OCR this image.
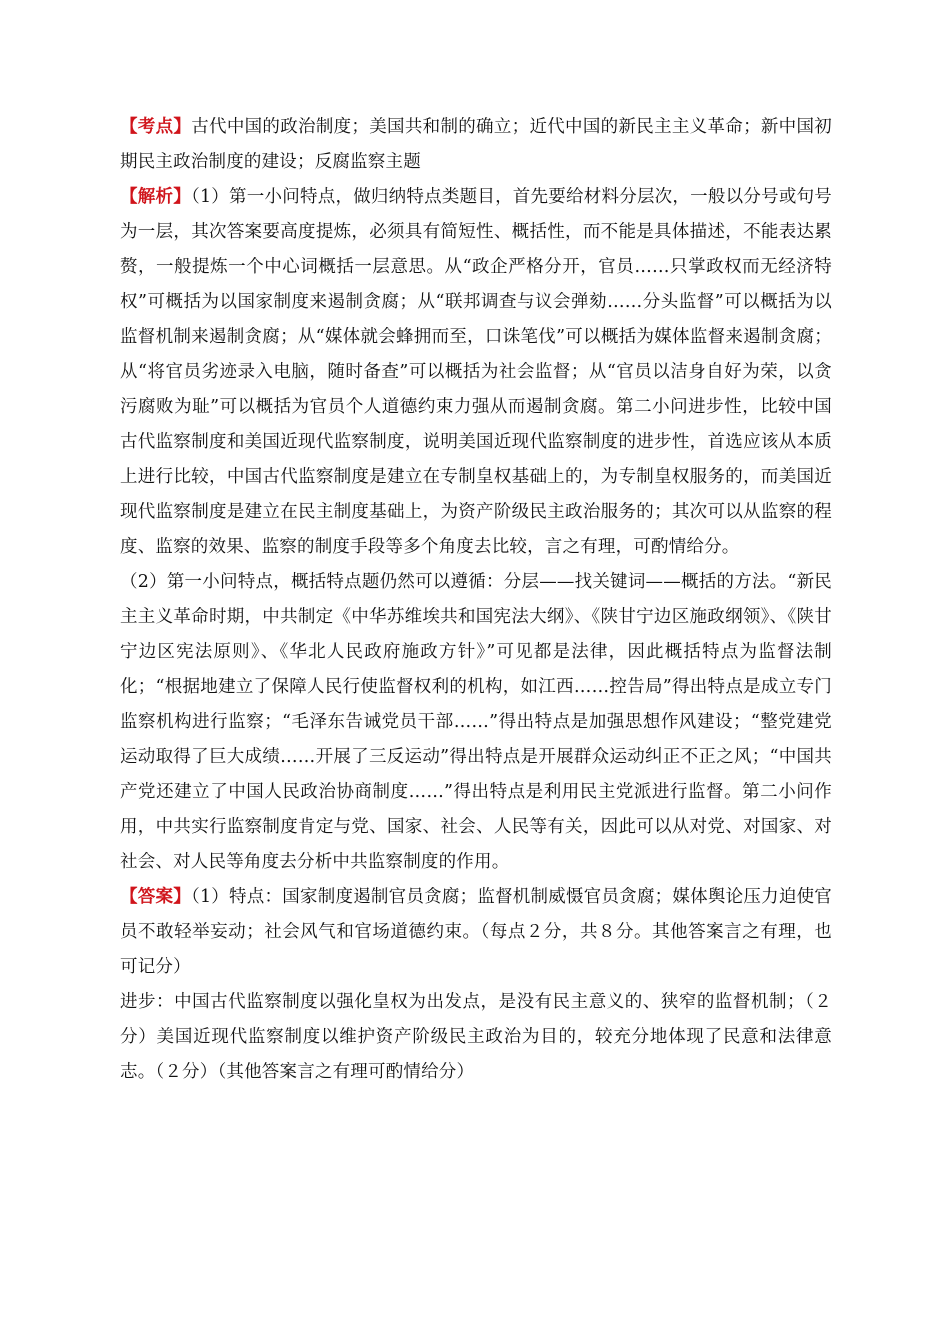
【考点】古代中国的政治制度；美国共和制的确立；近代中国的新民主主义革命；新中国初期民主政治制度的建设；反腐监察主题

【解析】（1）第一小问特点，做归纳特点类题目，首先要给材料分层次，一般以分号或句号为一层，其次答案要高度提炼，必须具有简短性、概括性，而不能是具体描述，不能表达累赘，一般提炼一个中心词概括一层意思。从“政企严格分开，官员……只掌政权而无经济特权”可概括为以国家制度来遏制贪腐；从“联邦调查与议会弹劾……分头监督”可以概括为以监督机制来遏制贪腐；从“媒体就会蜂拥而至，口诛笔伐”可以概括为媒体监督来遏制贪腐；从“将官员劣迹录入电脑，随时备查”可以概括为社会监督；从“官员以洁身自好为荣，以贪污腐败为耻”可以概括为官员个人道德约束力强从而遏制贪腐。第二小问进步性，比较中国古代监察制度和美国近现代监察制度，说明美国近现代监察制度的进步性，首选应该从本质上进行比较，中国古代监察制度是建立在专制皇权基础上的，为专制皇权服务的，而美国近现代监察制度是建立在民主制度基础上，为资产阶级民主政治服务的；其次可以从监察的程度、监察的效果、监察的制度手段等多个角度去比较，言之有理，可酌情给分。

（2）第一小问特点，概括特点题仍然可以遵循：分层——找关键词——概括的方法。“新民主主义革命时期，中共制定《中华苏维埃共和国宪法大纲》、《陕甘宁边区施政纲领》、《陕甘宁边区宪法原则》、《华北人民政府施政方针》”可见都是法律，因此概括特点为监督法制化；“根据地建立了保障人民行使监督权利的机构，如江西……控告局”得出特点是成立专门监察机构进行监察；“毛泽东告诫党员干部……”得出特点是加强思想作风建设；“整党建党运动取得了巨大成绩……开展了三反运动”得出特点是开展群众运动纠正不正之风；“中国共产党还建立了中国人民政治协商制度……”得出特点是利用民主党派进行监督。第二小问作用，中共实行监察制度肯定与党、国家、社会、人民等有关，因此可以从对党、对国家、对社会、对人民等角度去分析中共监察制度的作用。

【答案】（1）特点：国家制度遏制官员贪腐；监督机制威慑官员贪腐；媒体舆论压力迫使官员不敢轻举妄动；社会风气和官场道德约束。（每点２分，共８分。其他答案言之有理，也可记分）

进步：中国古代监察制度以强化皇权为出发点，是没有民主意义的、狭窄的监督机制；（２分）美国近现代监察制度以维护资产阶级民主政治为目的，较充分地体现了民意和法律意志。（２分）（其他答案言之有理可酌情给分）
